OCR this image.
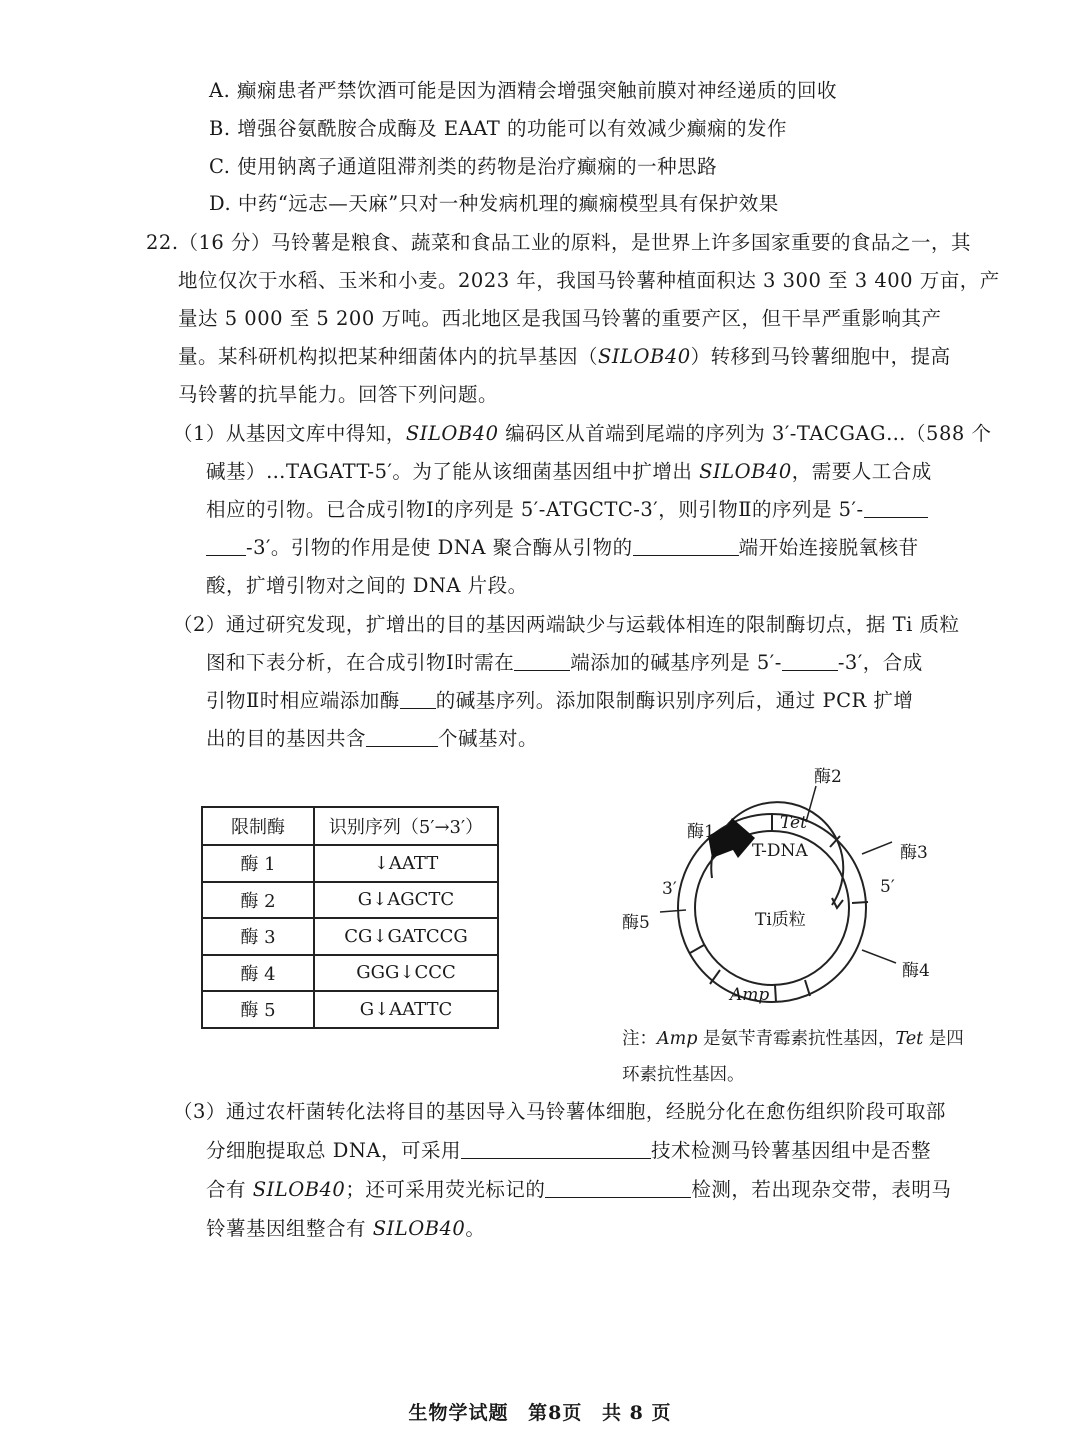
A. 癫痫患者严禁饮酒可能是因为酒精会增强突触前膜对神经递质的回收
B. 增强谷氨酰胺合成酶及 EAAT 的功能可以有效减少癫痫的发作
C. 使用钠离子通道阻滞剂类的药物是治疗癫痫的一种思路
D. 中药“远志—天麻”只对一种发病机理的癫痫模型具有保护效果
22.（16 分）马铃薯是粮食、蔬菜和食品工业的原料，是世界上许多国家重要的食品之一，其
地位仅次于水稻、玉米和小麦。2023 年，我国马铃薯种植面积达 3 300 至 3 400 万亩，产
量达 5 000 至 5 200 万吨。西北地区是我国马铃薯的重要产区，但干旱严重影响其产
量。某科研机构拟把某种细菌体内的抗旱基因（SILOB40）转移到马铃薯细胞中，提高
马铃薯的抗旱能力。回答下列问题。
（1）从基因文库中得知，SILOB40 编码区从首端到尾端的序列为 3′-TACGAG…（588 个
碱基）…TAGATT-5′。为了能从该细菌基因组中扩增出 SILOB40，需要人工合成
相应的引物。已合成引物Ⅰ的序列是 5′-ATGCTC-3′，则引物Ⅱ的序列是 5′-
-3′。引物的作用是使 DNA 聚合酶从引物的	端开始连接脱氧核苷
酸，扩增引物对之间的 DNA 片段。
（2）通过研究发现，扩增出的目的基因两端缺少与运载体相连的限制酶切点，据 Ti 质粒
图和下表分析，在合成引物Ⅰ时需在	端添加的碱基序列是 5′-	-3′，合成
引物Ⅱ时相应端添加酶 的碱基序列。添加限制酶识别序列后，通过 PCR 扩增
出的目的基因共含	个碱基对。
限制酶	识别序列（5′→3′）
酶 1	↓AATT
酶 2	G↓AGCTC
酶 3	CG↓GATCCG
酶 4	GGG↓CCC
酶 5	G↓AATTC
酶1
酶2
酶3
酶4
酶5
Tet
T-DNA
Ti质粒
Amp
3′	5′
注：Amp 是氨苄青霉素抗性基因，Tet 是四
环素抗性基因。
（3）通过农杆菌转化法将目的基因导入马铃薯体细胞，经脱分化在愈伤组织阶段可取部
分细胞提取总 DNA，可采用	技术检测马铃薯基因组中是否整
合有 SILOB40；还可采用荧光标记的	检测，若出现杂交带，表明马
铃薯基因组整合有 SILOB40。
生物学试题 第8页 共 8 页
